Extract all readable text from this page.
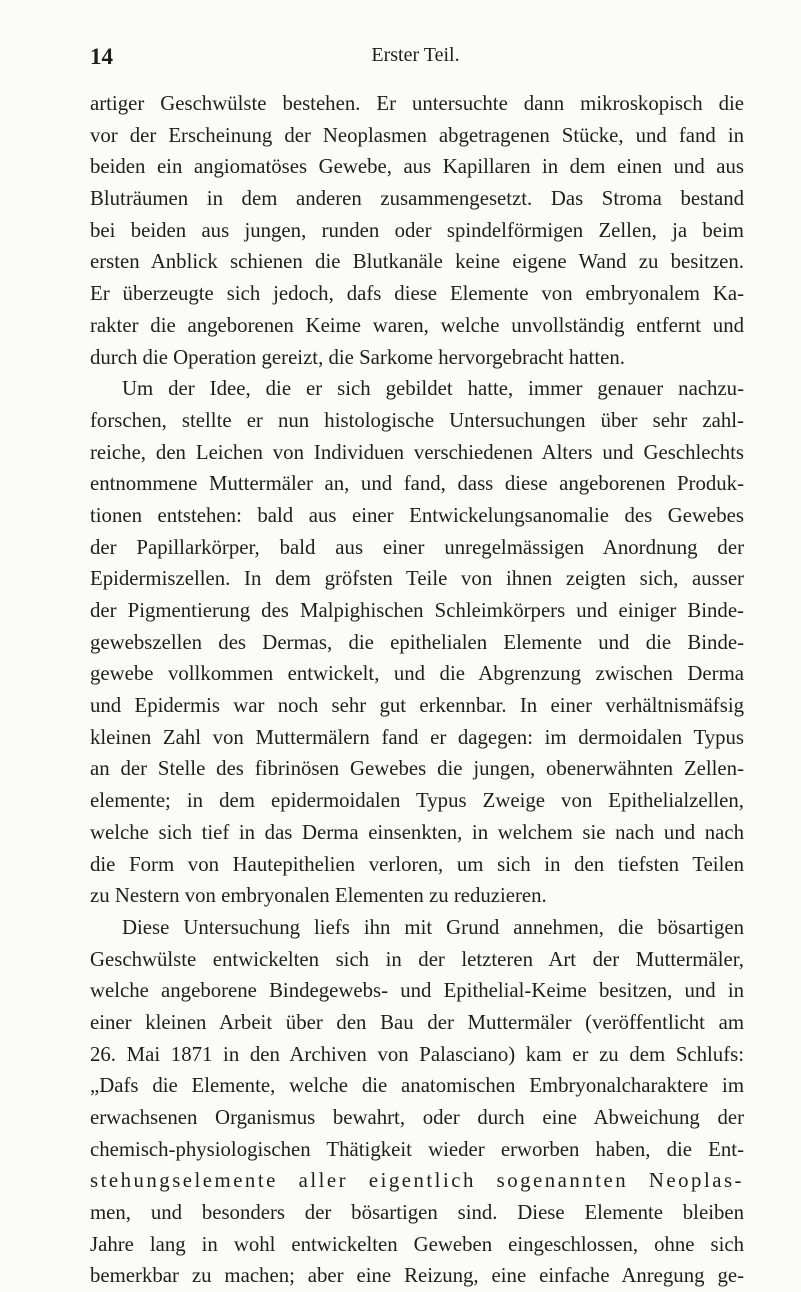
14	Erster Teil.
artiger Geschwülste bestehen. Er untersuchte dann mikroskopisch die
vor der Erscheinung der Neoplasmen abgetragenen Stücke, und fand in
beiden ein angiomatöses Gewebe, aus Kapillaren in dem einen und aus
Bluträumen in dem anderen zusammengesetzt. Das Stroma bestand
bei beiden aus jungen, runden oder spindelförmigen Zellen, ja beim
ersten Anblick schienen die Blutkanäle keine eigene Wand zu besitzen.
Er überzeugte sich jedoch, dafs diese Elemente von embryonalem Ka-
rakter die angeborenen Keime waren, welche unvollständig entfernt und
durch die Operation gereizt, die Sarkome hervorgebracht hatten.
Um der Idee, die er sich gebildet hatte, immer genauer nachzu-
forschen, stellte er nun histologische Untersuchungen über sehr zahl-
reiche, den Leichen von Individuen verschiedenen Alters und Geschlechts
entnommene Muttermäler an, und fand, dass diese angeborenen Produk-
tionen entstehen: bald aus einer Entwickelungsanomalie des Gewebes
der Papillarkörper, bald aus einer unregelmässigen Anordnung der
Epidermiszellen. In dem gröfsten Teile von ihnen zeigten sich, ausser
der Pigmentierung des Malpighischen Schleimkörpers und einiger Binde-
gewebszellen des Dermas, die epithelialen Elemente und die Binde-
gewebe vollkommen entwickelt, und die Abgrenzung zwischen Derma
und Epidermis war noch sehr gut erkennbar. In einer verhältnismäfsig
kleinen Zahl von Muttermälern fand er dagegen: im dermoidalen Typus
an der Stelle des fibrinösen Gewebes die jungen, obenerwähnten Zellen-
elemente; in dem epidermoidalen Typus Zweige von Epithelialzellen,
welche sich tief in das Derma einsenkten, in welchem sie nach und nach
die Form von Hautepithelien verloren, um sich in den tiefsten Teilen
zu Nestern von embryonalen Elementen zu reduzieren.
Diese Untersuchung liefs ihn mit Grund annehmen, die bösartigen
Geschwülste entwickelten sich in der letzteren Art der Muttermäler,
welche angeborene Bindegewebs- und Epithelial-Keime besitzen, und in
einer kleinen Arbeit über den Bau der Muttermäler (veröffentlicht am
26. Mai 1871 in den Archiven von Palasciano) kam er zu dem Schlufs:
„Dafs die Elemente, welche die anatomischen Embryonalcharaktere im
erwachsenen Organismus bewahrt, oder durch eine Abweichung der
chemisch-physiologischen Thätigkeit wieder erworben haben, die Ent-
stehungselemente aller eigentlich sogenannten Neoplas-
men, und besonders der bösartigen sind. Diese Elemente bleiben
Jahre lang in wohl entwickelten Geweben eingeschlossen, ohne sich
bemerkbar zu machen; aber eine Reizung, eine einfache Anregung ge-
